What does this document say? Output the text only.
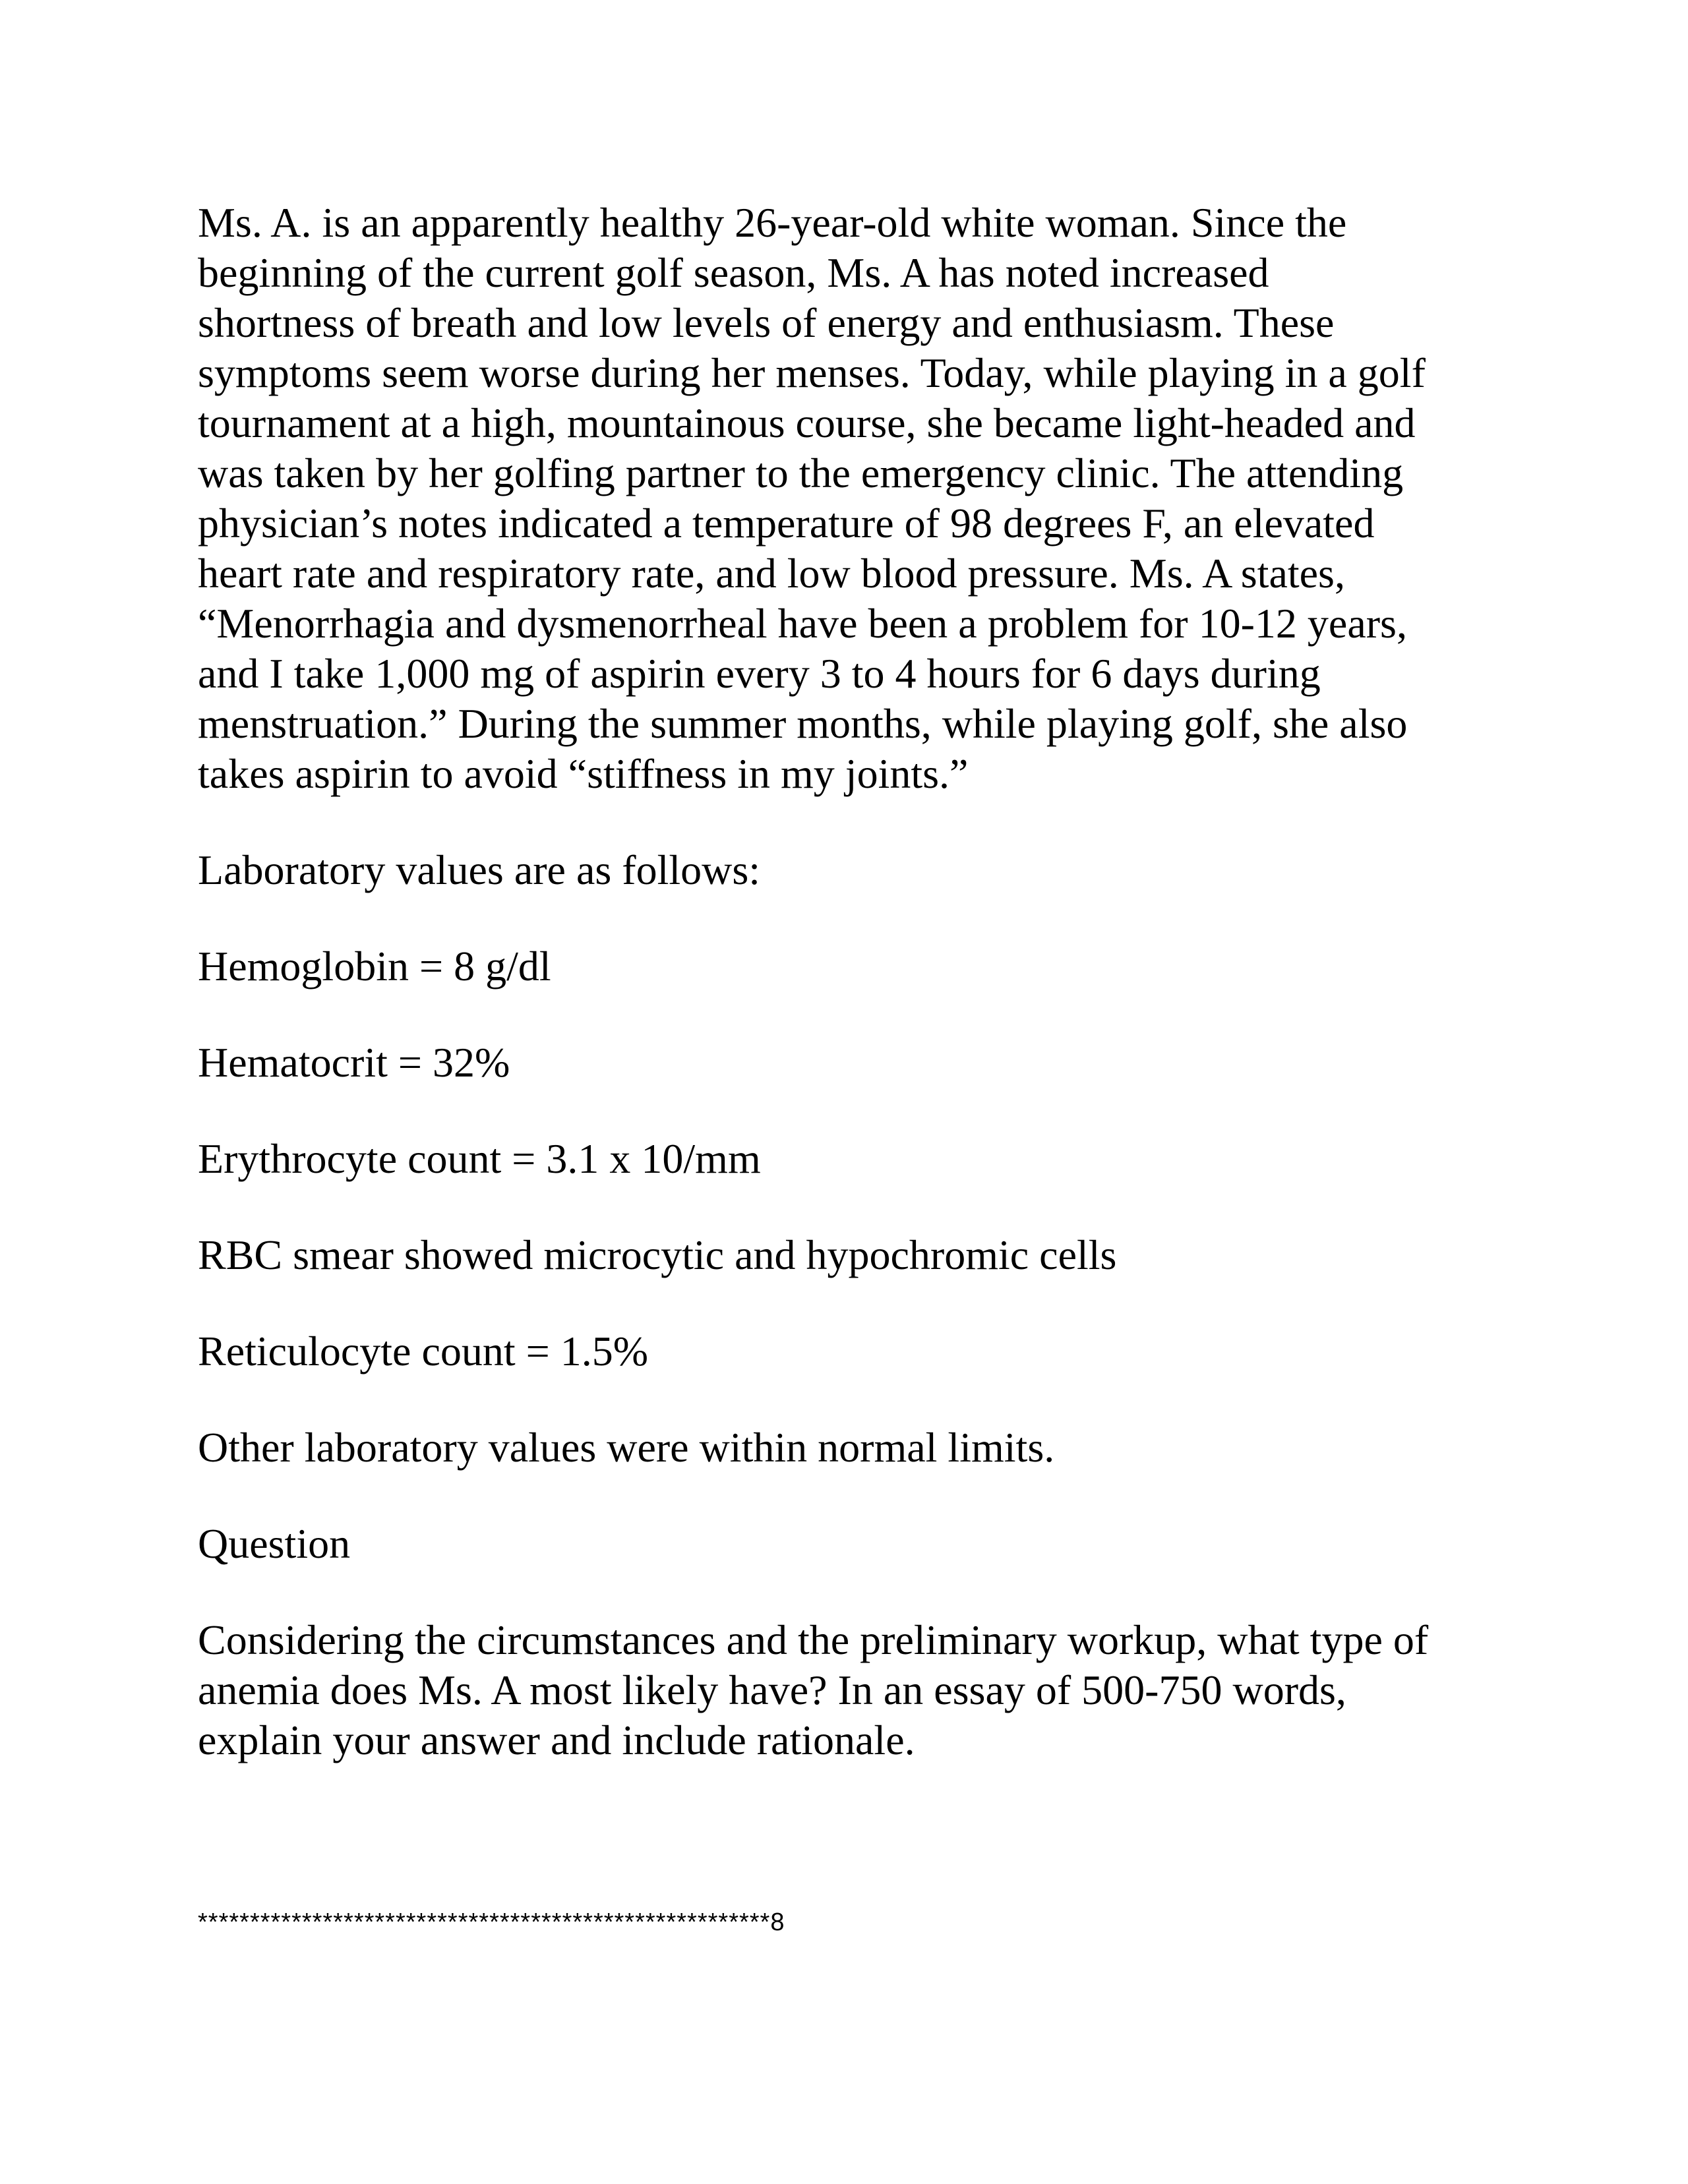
Ms. A. is an apparently healthy 26-year-old white woman. Since the
beginning of the current golf season, Ms. A has noted increased
shortness of breath and low levels of energy and enthusiasm. These
symptoms seem worse during her menses. Today, while playing in a golf
tournament at a high, mountainous course, she became light-headed and
was taken by her golfing partner to the emergency clinic. The attending
physician’s notes indicated a temperature of 98 degrees F, an elevated
heart rate and respiratory rate, and low blood pressure. Ms. A states,
“Menorrhagia and dysmenorrheal have been a problem for 10-12 years,
and I take 1,000 mg of aspirin every 3 to 4 hours for 6 days during
menstruation.” During the summer months, while playing golf, she also
takes aspirin to avoid “stiffness in my joints.”

Laboratory values are as follows:

Hemoglobin = 8 g/dl

Hematocrit = 32%

Erythrocyte count = 3.1 x 10/mm

RBC smear showed microcytic and hypochromic cells

Reticulocyte count = 1.5%

Other laboratory values were within normal limits.

Question

Considering the circumstances and the preliminary workup, what type of
anemia does Ms. A most likely have? In an essay of 500-750 words,
explain your answer and include rationale.

*******************************************************8
